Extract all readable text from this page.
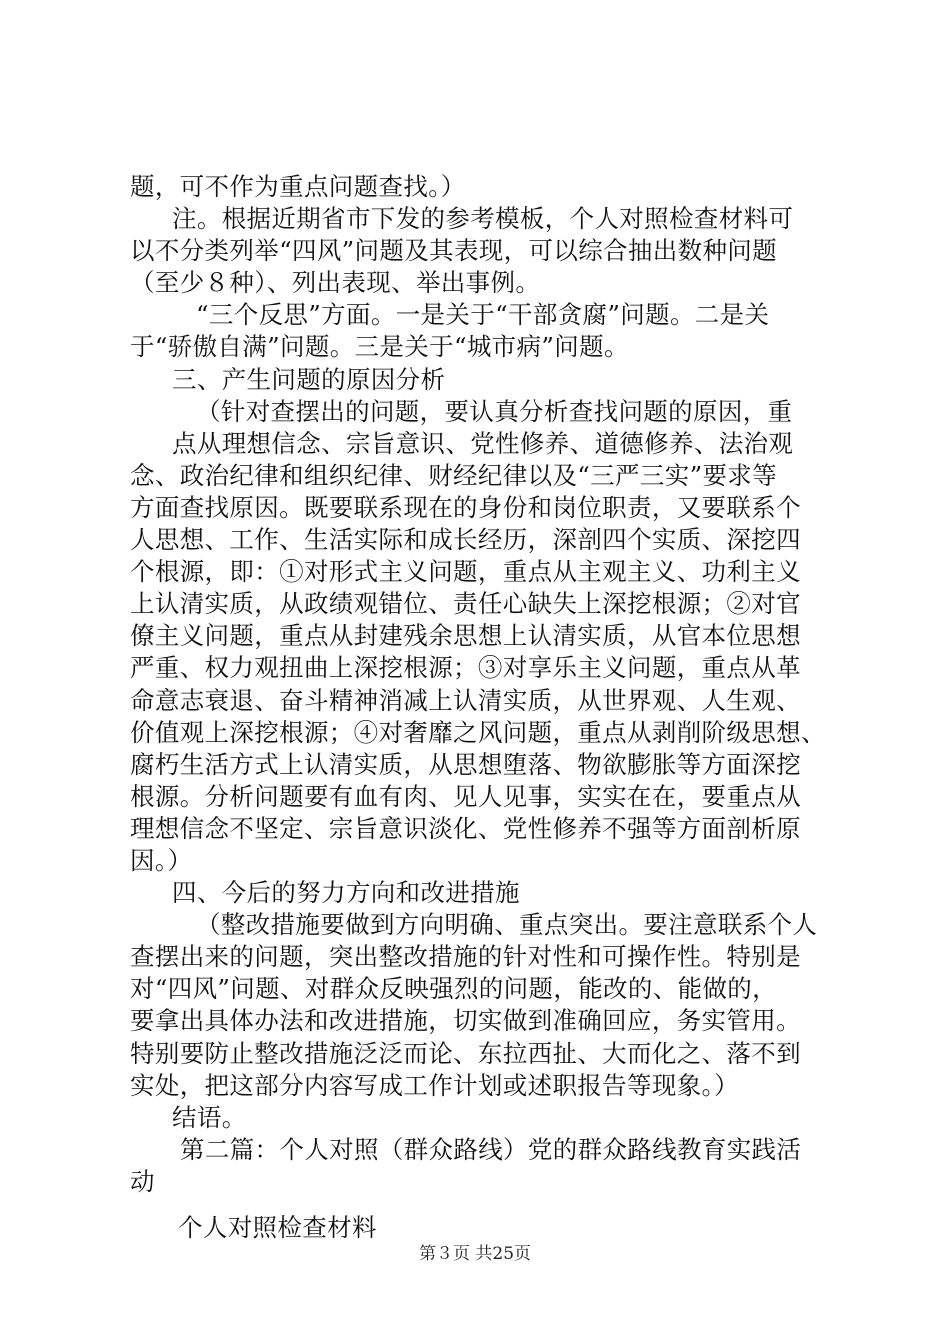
题，可不作为重点问题查找。）
注。根据近期省市下发的参考模板，个人对照检查材料可
以不分类列举“四风”问题及其表现，可以综合抽出数种问题
（至少８种）、列出表现、举出事例。
“三个反思”方面。一是关于“干部贪腐”问题。二是关
于“骄傲自满”问题。三是关于“城市病”问题。
三、产生问题的原因分析
（针对查摆出的问题，要认真分析查找问题的原因，重
点从理想信念、宗旨意识、党性修养、道德修养、法治观
念、政治纪律和组织纪律、财经纪律以及“三严三实”要求等
方面查找原因。既要联系现在的身份和岗位职责，又要联系个
人思想、工作、生活实际和成长经历，深剖四个实质、深挖四
个根源，即：①对形式主义问题，重点从主观主义、功利主义
上认清实质，从政绩观错位、责任心缺失上深挖根源；②对官
僚主义问题，重点从封建残余思想上认清实质，从官本位思想
严重、权力观扭曲上深挖根源；③对享乐主义问题，重点从革
命意志衰退、奋斗精神消减上认清实质，从世界观、人生观、
价值观上深挖根源；④对奢靡之风问题，重点从剥削阶级思想、
腐朽生活方式上认清实质，从思想堕落、物欲膨胀等方面深挖
根源。分析问题要有血有肉、见人见事，实实在在，要重点从
理想信念不坚定、宗旨意识淡化、党性修养不强等方面剖析原
因。）
四、今后的努力方向和改进措施
（整改措施要做到方向明确、重点突出。要注意联系个人
查摆出来的问题，突出整改措施的针对性和可操作性。特别是
对“四风”问题、对群众反映强烈的问题，能改的、能做的，
要拿出具体办法和改进措施，切实做到准确回应，务实管用。
特别要防止整改措施泛泛而论、东拉西扯、大而化之、落不到
实处，把这部分内容写成工作计划或述职报告等现象。）
结语。
第二篇：个人对照（群众路线）党的群众路线教育实践活
动
个人对照检查材料
第３页 共25页
